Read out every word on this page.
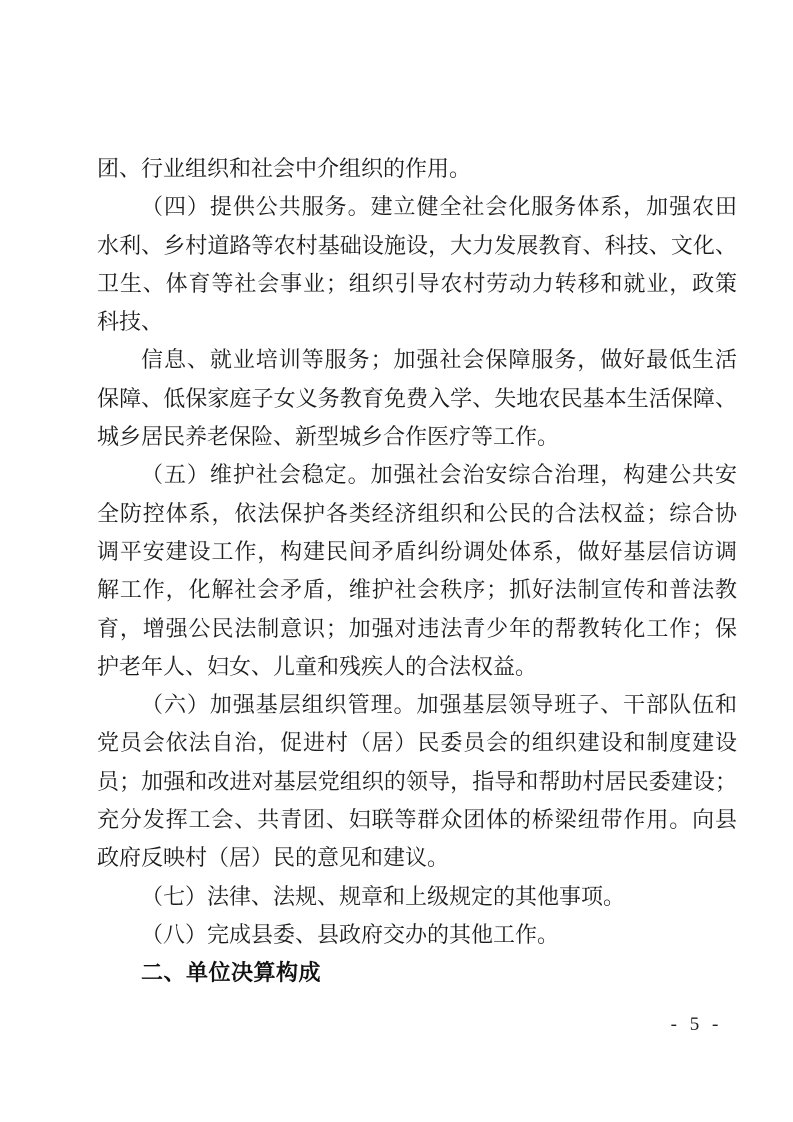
团、行业组织和社会中介组织的作用。
（四）提供公共服务。建立健全社会化服务体系，加强农田
水利、乡村道路等农村基础设施设，大力发展教育、科技、文化、
卫生、体育等社会事业；组织引导农村劳动力转移和就业，政策
科技、
信息、就业培训等服务；加强社会保障服务，做好最低生活
保障、低保家庭子女义务教育免费入学、失地农民基本生活保障、
城乡居民养老保险、新型城乡合作医疗等工作。
（五）维护社会稳定。加强社会治安综合治理，构建公共安
全防控体系，依法保护各类经济组织和公民的合法权益；综合协
调平安建设工作，构建民间矛盾纠纷调处体系，做好基层信访调
解工作，化解社会矛盾，维护社会秩序；抓好法制宣传和普法教
育，增强公民法制意识；加强对违法青少年的帮教转化工作；保
护老年人、妇女、儿童和残疾人的合法权益。
（六）加强基层组织管理。加强基层领导班子、干部队伍和
党员会依法自治，促进村（居）民委员会的组织建设和制度建设
员；加强和改进对基层党组织的领导，指导和帮助村居民委建设；
充分发挥工会、共青团、妇联等群众团体的桥梁纽带作用。向县
政府反映村（居）民的意见和建议。
（七）法律、法规、规章和上级规定的其他事项。
（八）完成县委、县政府交办的其他工作。
二、单位决算构成
- 5 -
